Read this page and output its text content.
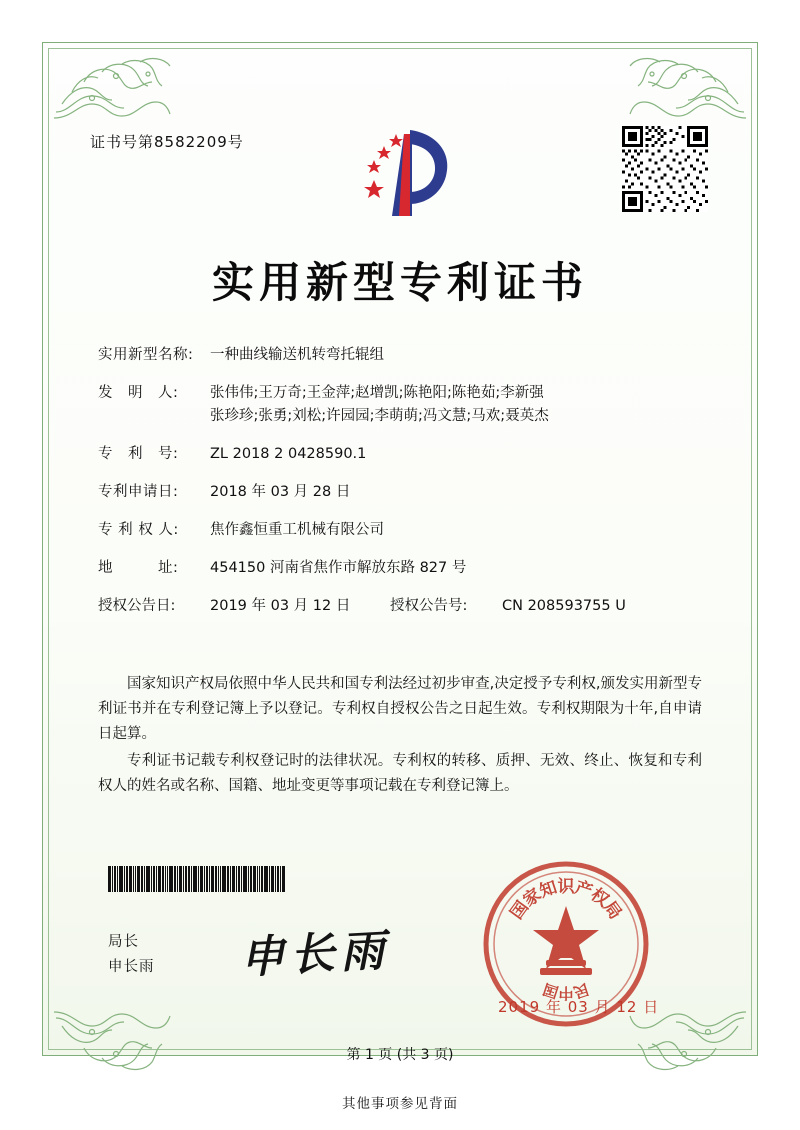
证书号第8582209号
实用新型专利证书
实用新型名称:	一种曲线输送机转弯托辊组
发　明　人:	张伟伟;王万奇;王金萍;赵增凯;陈艳阳;陈艳茹;李新强
张珍珍;张勇;刘松;许园园;李萌萌;冯文慧;马欢;聂英杰
专　利　号:	ZL 2018 2 0428590.1
专利申请日:	2018 年 03 月 28 日
专 利 权 人:	焦作鑫恒重工机械有限公司
地　　　址:	454150 河南省焦作市解放东路 827 号
授权公告日:	2019 年 03 月 12 日	授权公告号:	CN 208593755 U

国家知识产权局依照中华人民共和国专利法经过初步审查,决定授予专利权,颁发实用新型专利证书并在专利登记簿上予以登记。专利权自授权公告之日起生效。专利权期限为十年,自申请日起算。

专利证书记载专利权登记时的法律状况。专利权的转移、质押、无效、终止、恢复和专利权人的姓名或名称、国籍、地址变更等事项记载在专利登记簿上。

局长
申长雨 申长雨
国
家
知
识
产
权
局
国
中
民
2019 年 03 月 12 日
第 1 页 (共 3 页)
其他事项参见背面
